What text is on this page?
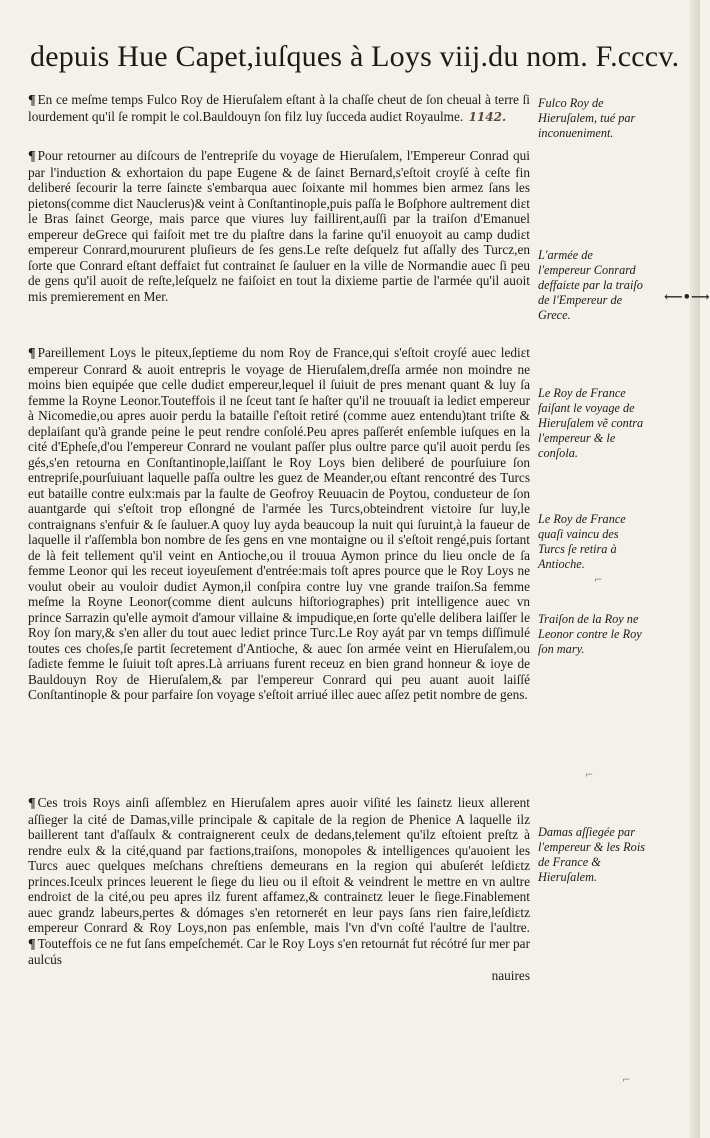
depuis Hue Capet,iuſques à Loys viij.du nom. F.cccv.

¶ En ce meſme temps Fulco Roy de Hieruſalem eſtant à la chaſſe cheut de ſon cheual à terre ſi lourdement qu'il ſe rompit le col.Bauldouyn ſon filz luy ſucceda audiɛt Royaulme. 1142.

¶ Pour retourner au diſcours de l'entrepriſe du voyage de Hieruſalem, l'Empereur Conrad qui par l'induɛtion & exhortaion du pape Eugene & de ſainɛt Bernard,s'eſtoit croyſé à ceſte fin deliberé ſecourir la terre ſainɛte s'embarqua auec ſoixante mil hommes bien armez ſans les pietons(comme diɛt Nauclerus)& veint à Conſtantinople,puis paſſa le Boſphore aultrement diɛt le Bras ſainɛt George, mais parce que viures luy faillirent,auſſi par la traiſon d'Emanuel empereur deGrece qui faiſoit met tre du plaſtre dans la farine qu'il enuoyoit au camp dudiɛt empereur Conrard,moururent pluſieurs de ſes gens.Le reſte deſquelz fut aſſally des Turcz,en ſorte que Conrard eſtant deffaiɛt fut contrainɛt ſe ſauluer en la ville de Normandie auec ſi peu de gens qu'il auoit de reſte,leſquelz ne faiſoiɛt en tout la dixieme partie de l'armée qu'il auoit mis premierement en Mer.

¶ Pareillement Loys le piteux,ſeptieme du nom Roy de France,qui s'eſtoit croyſé auec lediɛt empereur Conrard & auoit entrepris le voyage de Hieruſalem,dreſſa armée non moindre ne moins bien equipée que celle dudiɛt empereur,lequel il ſuiuit de pres menant quant & luy ſa femme la Royne Leonor.Touteffois il ne ſceut tant ſe haſter qu'il ne trouuaſt ia lediɛt empereur à Nicomedie,ou apres auoir perdu la bataille ſ'eſtoit retiré (comme auez entendu)tant triſte & deplaiſant qu'à grande peine le peut rendre conſolé.Peu apres paſſerét enſemble iuſques en la cité d'Epheſe,d'ou l'empereur Conrard ne voulant paſſer plus oultre parce qu'il auoit perdu ſes gés,s'en retourna en Conſtantinople,laiſſant le Roy Loys bien deliberé de pourſuiure ſon entrepriſe,pourſuiuant laquelle paſſa oultre les guez de Meander,ou eſtant rencontré des Turcs eut bataille contre eulx:mais par la faulte de Geofroy Reuuacin de Poytou, conduɛteur de ſon auantgarde qui s'eſtoit trop eſlongné de l'armée les Turcs,obteindrent viɛtoire ſur luy,le contraignans s'enfuir & ſe ſauluer.A quoy luy ayda beaucoup la nuit qui ſuruint,à la faueur de laquelle il r'aſſembla bon nombre de ſes gens en vne montaigne ou il s'eſtoit rengé,puis ſortant de là feit tellement qu'il veint en Antioche,ou il trouua Aymon prince du lieu oncle de ſa femme Leonor qui les receut ioyeuſement d'entrée:mais toſt apres pource que le Roy Loys ne voulut obeir au vouloir dudiɛt Aymon,il conſpira contre luy vne grande traiſon.Sa femme meſme la Royne Leonor(comme dient aulcuns hiſtoriographes) prit intelligence auec vn prince Sarrazin qu'elle aymoit d'amour villaine & impudique,en ſorte qu'elle delibera laiſſer le Roy ſon mary,& s'en aller du tout auec lediɛt prince Turc.Le Roy ayát par vn temps diſſimulé toutes ces choſes,ſe partit ſecretement d'Antioche, & auec ſon armée veint en Hieruſalem,ou ſadiɛte femme le ſuiuit toſt apres.Là arriuans furent receuz en bien grand honneur & ioye de Bauldouyn Roy de Hieruſalem,& par l'empereur Conrard qui peu auant auoit laiſſé Conſtantinople & pour parfaire ſon voyage s'eſtoit arriué illec auec aſſez petit nombre de gens.

¶ Ces trois Roys ainſi aſſemblez en Hieruſalem apres auoir viſité les ſainɛtz lieux allerent aſſieger la cité de Damas,ville principale & capitale de la region de Phenice A laquelle ilz baillerent tant d'aſſaulx & contraignerent ceulx de dedans,telement qu'ilz eſtoient preſtz à rendre eulx & la cité,quand par faɛtions,traiſons, monopoles & intelligences qu'auoient les Turcs auec quelques meſchans chreſtiens demeurans en la region qui abuſerét leſdiɛtz princes.Iceulx princes leuerent le ſiege du lieu ou il eſtoit & veindrent le mettre en vn aultre endroiɛt de la cité,ou peu apres ilz furent affamez,& contrainɛtz leuer le ſiege.Finablement auec grandz labeurs,pertes & dómages s'en retornerét en leur pays ſans rien faire,leſdiɛtz empereur Conrard & Roy Loys,non pas enſemble, mais l'vn d'vn coſté l'aultre de l'aultre. ¶ Touteffois ce ne fut ſans empeſchemét. Car le Roy Loys s'en retournát fut récótré ſur mer par aulcús
nauires

Fulco Roy de Hieruſalem, tué par inconueniment.

L'armée de l'empereur Conrard deffaiɛte par la traiſo de l'Empereur de Grece.

Le Roy de France faiſant le voyage de Hieruſalem vẽ contra l'empereur & le conſola.

Le Roy de France quaſi vaincu des Turcs ſe retira à Antioche.

Traiſon de la Roy ne Leonor contre le Roy ſon mary.

Damas aſſiegée par l'empereur & les Rois de France & Hieruſalem.

⟵•⟶
⌐
⌐
⌐
